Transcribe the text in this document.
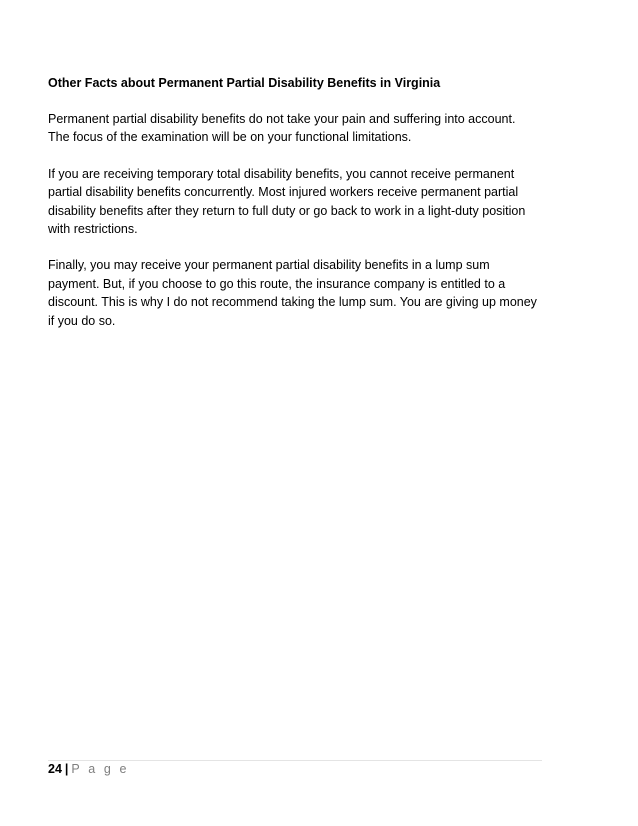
Other Facts about Permanent Partial Disability Benefits in Virginia
Permanent partial disability benefits do not take your pain and suffering into account.
The focus of the examination will be on your functional limitations.
If you are receiving temporary total disability benefits, you cannot receive permanent
partial disability benefits concurrently. Most injured workers receive permanent partial
disability benefits after they return to full duty or go back to work in a light-duty position
with restrictions.
Finally, you may receive your permanent partial disability benefits in a lump sum
payment. But, if you choose to go this route, the insurance company is entitled to a
discount. This is why I do not recommend taking the lump sum. You are giving up money
if you do so.
24 | P a g e
